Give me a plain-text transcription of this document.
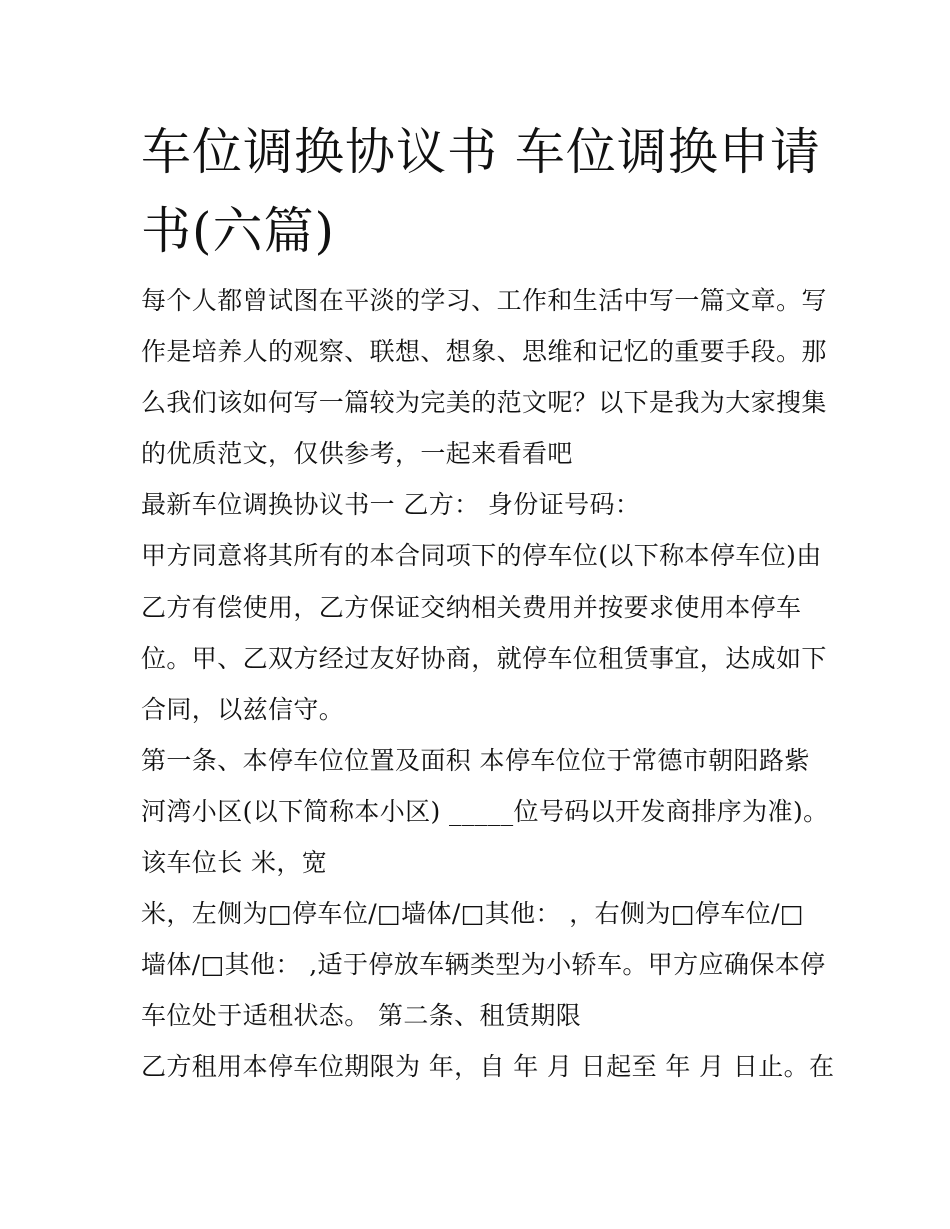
车位调换协议书 车位调换申请
书(六篇)
每个人都曾试图在平淡的学习、工作和生活中写一篇文章。写
作是培养人的观察、联想、想象、思维和记忆的重要手段。那
么我们该如何写一篇较为完美的范文呢？以下是我为大家搜集
的优质范文，仅供参考，一起来看看吧
最新车位调换协议书一 乙方： 身份证号码：
甲方同意将其所有的本合同项下的停车位(以下称本停车位)由
乙方有偿使用，乙方保证交纳相关费用并按要求使用本停车
位。甲、乙双方经过友好协商，就停车位租赁事宜，达成如下
合同，以兹信守。
第一条、本停车位位置及面积 本停车位位于常德市朝阳路紫
河湾小区(以下简称本小区) _____位号码以开发商排序为准)。
该车位长 米，宽
米，左侧为□停车位/□墙体/□其他： ，右侧为□停车位/□
墙体/□其他： ,适于停放车辆类型为小轿车。甲方应确保本停
车位处于适租状态。 第二条、租赁期限
乙方租用本停车位期限为 年，自 年 月 日起至 年 月 日止。在
